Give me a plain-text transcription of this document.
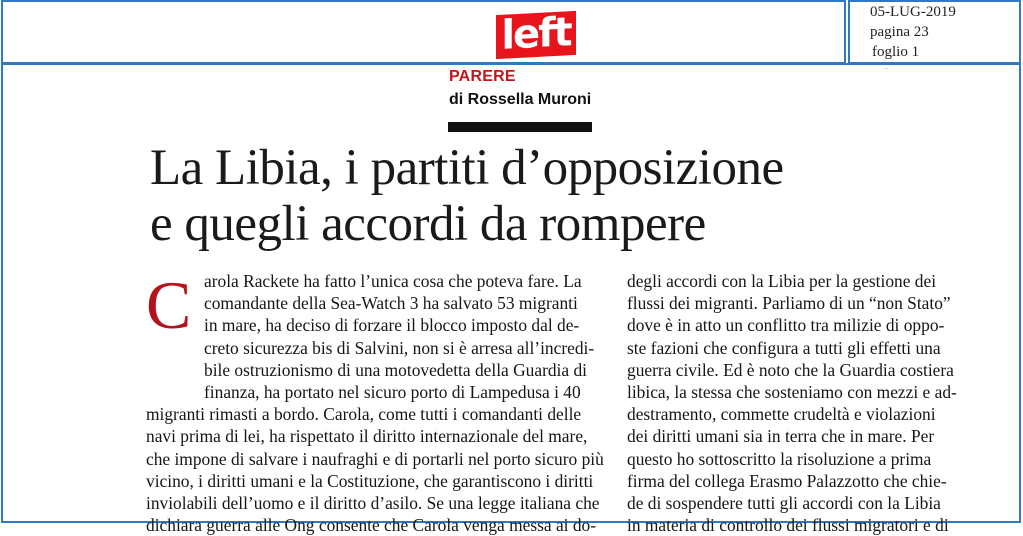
left	05-LUG-2019
pagina 23
foglio 1
...
PARERE
di Rossella Muroni
La Libia, i partiti d’opposizione
e quegli accordi da rompere
C arola Rackete ha fatto l’unica cosa che poteva fare. La
comandante della Sea-Watch 3 ha salvato 53 migranti
in mare, ha deciso di forzare il blocco imposto dal de-
creto sicurezza bis di Salvini, non si è arresa all’incredi-
bile ostruzionismo di una motovedetta della Guardia di
finanza, ha portato nel sicuro porto di Lampedusa i 40
migranti rimasti a bordo. Carola, come tutti i comandanti delle
navi prima di lei, ha rispettato il diritto internazionale del mare,
che impone di salvare i naufraghi e di portarli nel porto sicuro più
vicino, i diritti umani e la Costituzione, che garantiscono i diritti
inviolabili dell’uomo e il diritto d’asilo. Se una legge italiana che
dichiara guerra alle Ong consente che Carola venga messa ai do-
degli accordi con la Libia per la gestione dei
flussi dei migranti. Parliamo di un “non Stato”
dove è in atto un conflitto tra milizie di oppo-
ste fazioni che configura a tutti gli effetti una
guerra civile. Ed è noto che la Guardia costiera
libica, la stessa che sosteniamo con mezzi e ad-
destramento, commette crudeltà e violazioni
dei diritti umani sia in terra che in mare. Per
questo ho sottoscritto la risoluzione a prima
firma del collega Erasmo Palazzotto che chie-
de di sospendere tutti gli accordi con la Libia
in materia di controllo dei flussi migratori e di
